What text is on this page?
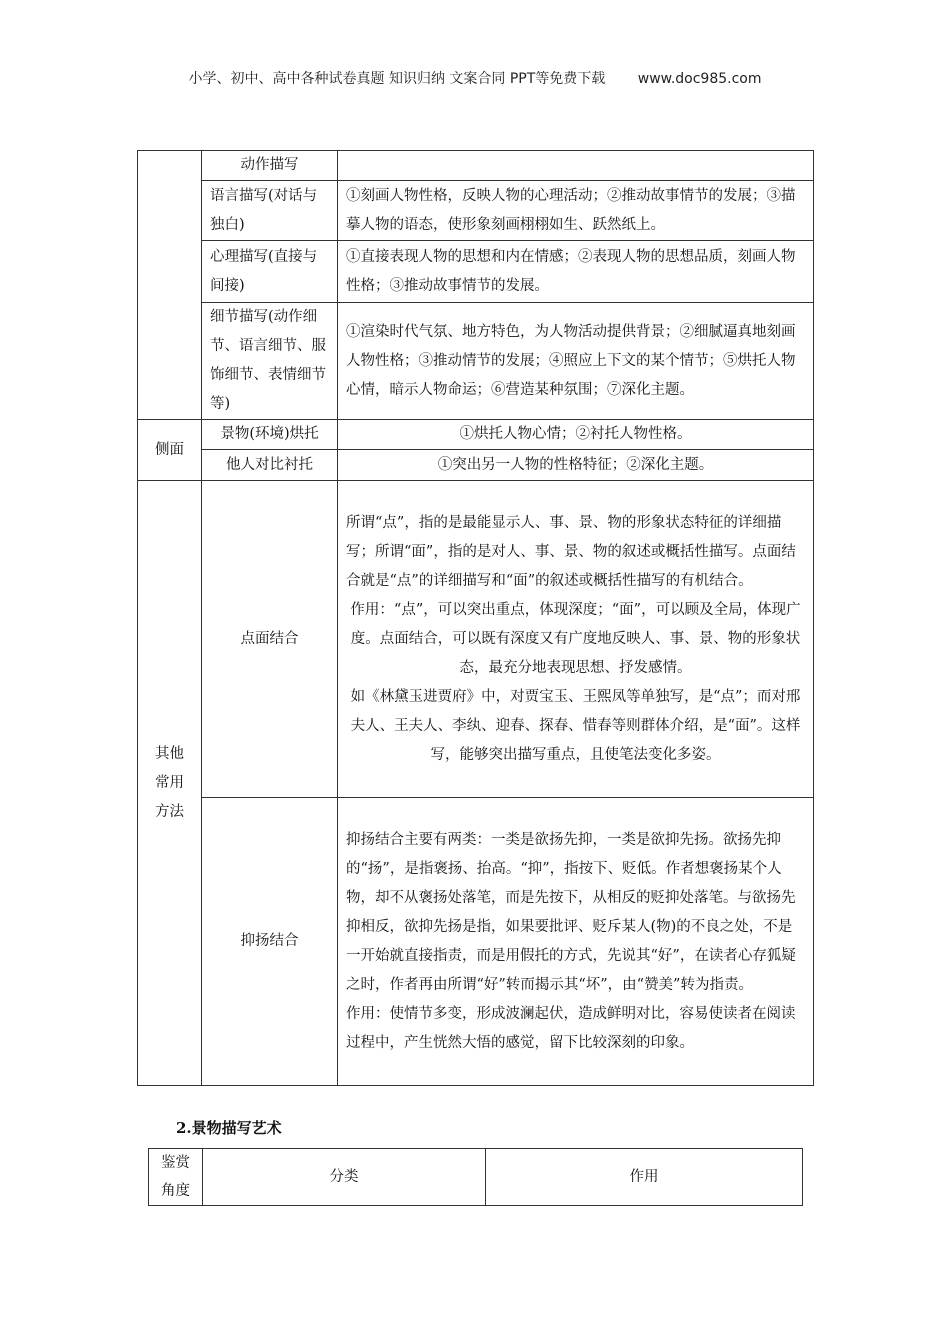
小学、初中、高中各种试卷真题 知识归纳 文案合同 PPT等免费下载 www.doc985.com
	动作描写	
	语言描写(对话与独白)	①刻画人物性格，反映人物的心理活动；②推动故事情节的发展；③描摹人物的语态，使形象刻画栩栩如生、跃然纸上。
	心理描写(直接与间接)	①直接表现人物的思想和内在情感；②表现人物的思想品质，刻画人物性格；③推动故事情节的发展。
	细节描写(动作细节、语言细节、服饰细节、表情细节等)	①渲染时代气氛、地方特色，为人物活动提供背景；②细腻逼真地刻画人物性格；③推动情节的发展；④照应上下文的某个情节；⑤烘托人物心情，暗示人物命运；⑥营造某种氛围；⑦深化主题。
侧面	景物(环境)烘托	①烘托人物心情；②衬托人物性格。
	他人对比衬托	①突出另一人物的性格特征；②深化主题。
其他常用方法	点面结合	所谓“点”，指的是最能显示人、事、景、物的形象状态特征的详细描写；所谓“面”，指的是对人、事、景、物的叙述或概括性描写。点面结合就是“点”的详细描写和“面”的叙述或概括性描写的有机结合。
作用：“点”，可以突出重点，体现深度；“面”，可以顾及全局，体现广度。点面结合，可以既有深度又有广度地反映人、事、景、物的形象状态，最充分地表现思想、抒发感情。
如《林黛玉进贾府》中，对贾宝玉、王熙凤等单独写，是“点”；而对邢夫人、王夫人、李纨、迎春、探春、惜春等则群体介绍，是“面”。这样写，能够突出描写重点，且使笔法变化多姿。

	抑扬结合	抑扬结合主要有两类：一类是欲扬先抑，一类是欲抑先扬。欲扬先抑的“扬”，是指褒扬、抬高。“抑”，指按下、贬低。作者想褒扬某个人物，却不从褒扬处落笔，而是先按下，从相反的贬抑处落笔。与欲扬先抑相反，欲抑先扬是指，如果要批评、贬斥某人(物)的不良之处，不是一开始就直接指责，而是用假托的方式，先说其“好”，在读者心存狐疑之时，作者再由所谓“好”转而揭示其“坏”，由“赞美”转为指责。
作用：使情节多变，形成波澜起伏，造成鲜明对比，容易使读者在阅读过程中，产生恍然大悟的感觉，留下比较深刻的印象。
2.景物描写艺术
鉴赏角度	分类	作用
